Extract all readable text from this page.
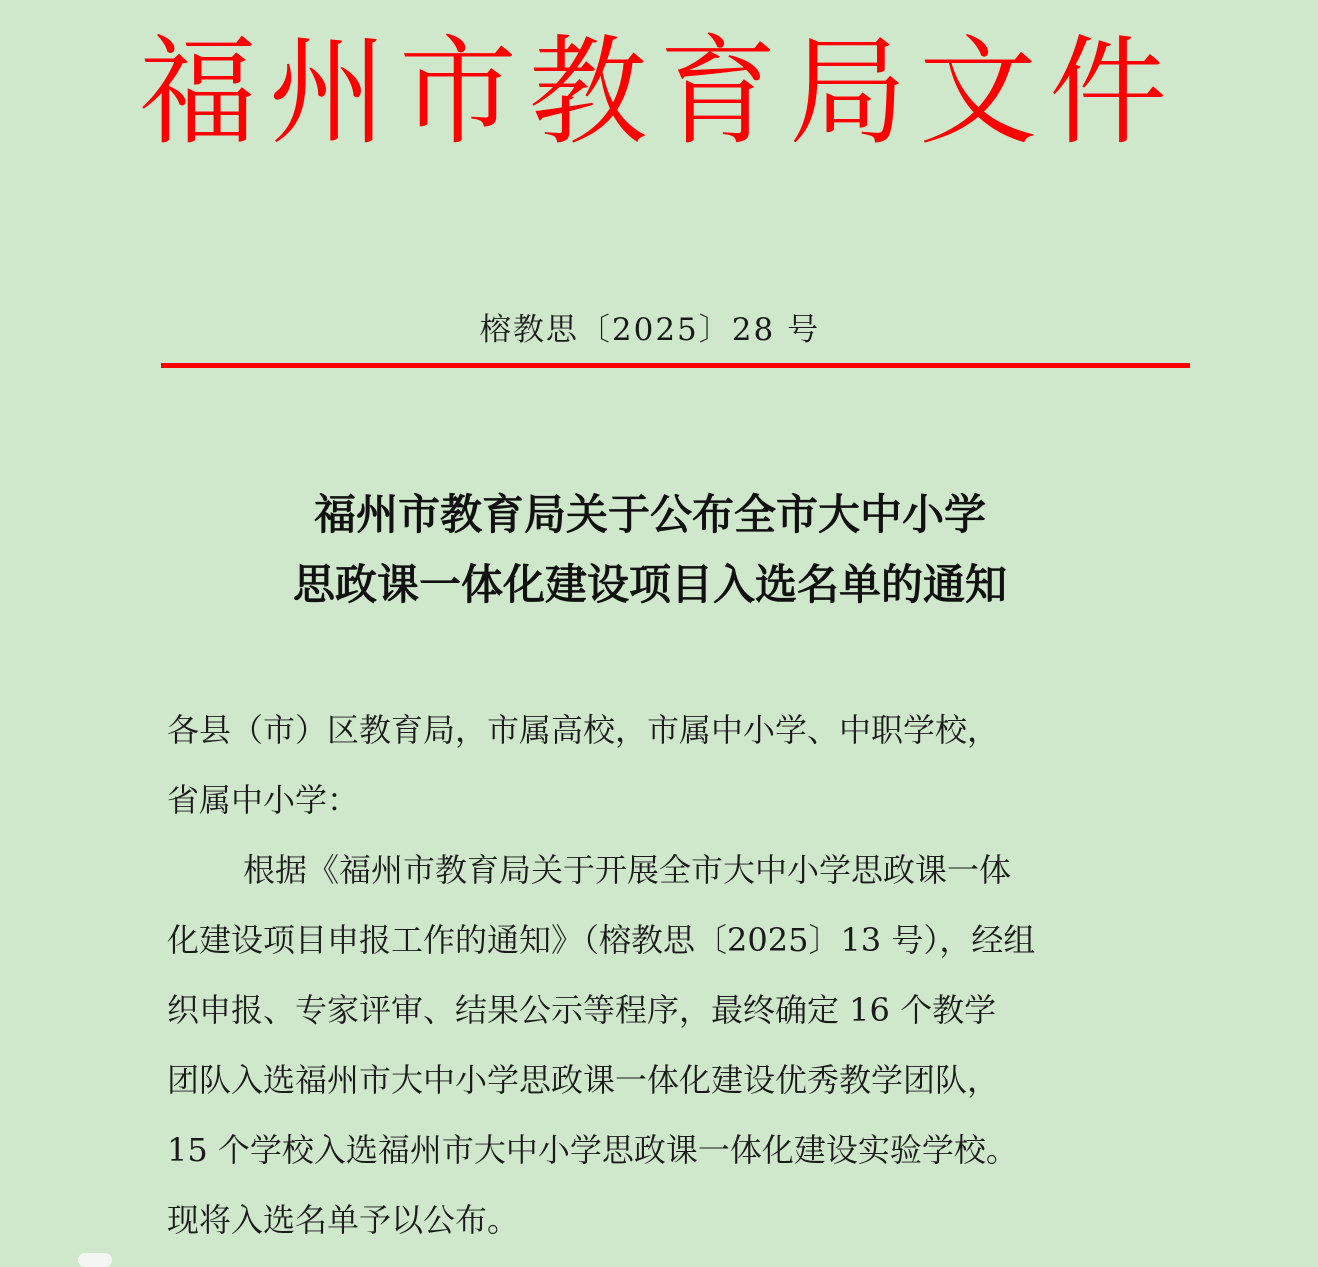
福州市教育局文件
榕教思〔2025〕28 号
福州市教育局关于公布全市大中小学
思政课一体化建设项目入选名单的通知
各县（市）区教育局，市属高校，市属中小学、中职学校，
省属中小学：
根据《福州市教育局关于开展全市大中小学思政课一体
化建设项目申报工作的通知》（榕教思〔2025〕13 号），经组
织申报、专家评审、结果公示等程序，最终确定 16 个教学
团队入选福州市大中小学思政课一体化建设优秀教学团队，
15 个学校入选福州市大中小学思政课一体化建设实验学校。
现将入选名单予以公布。
